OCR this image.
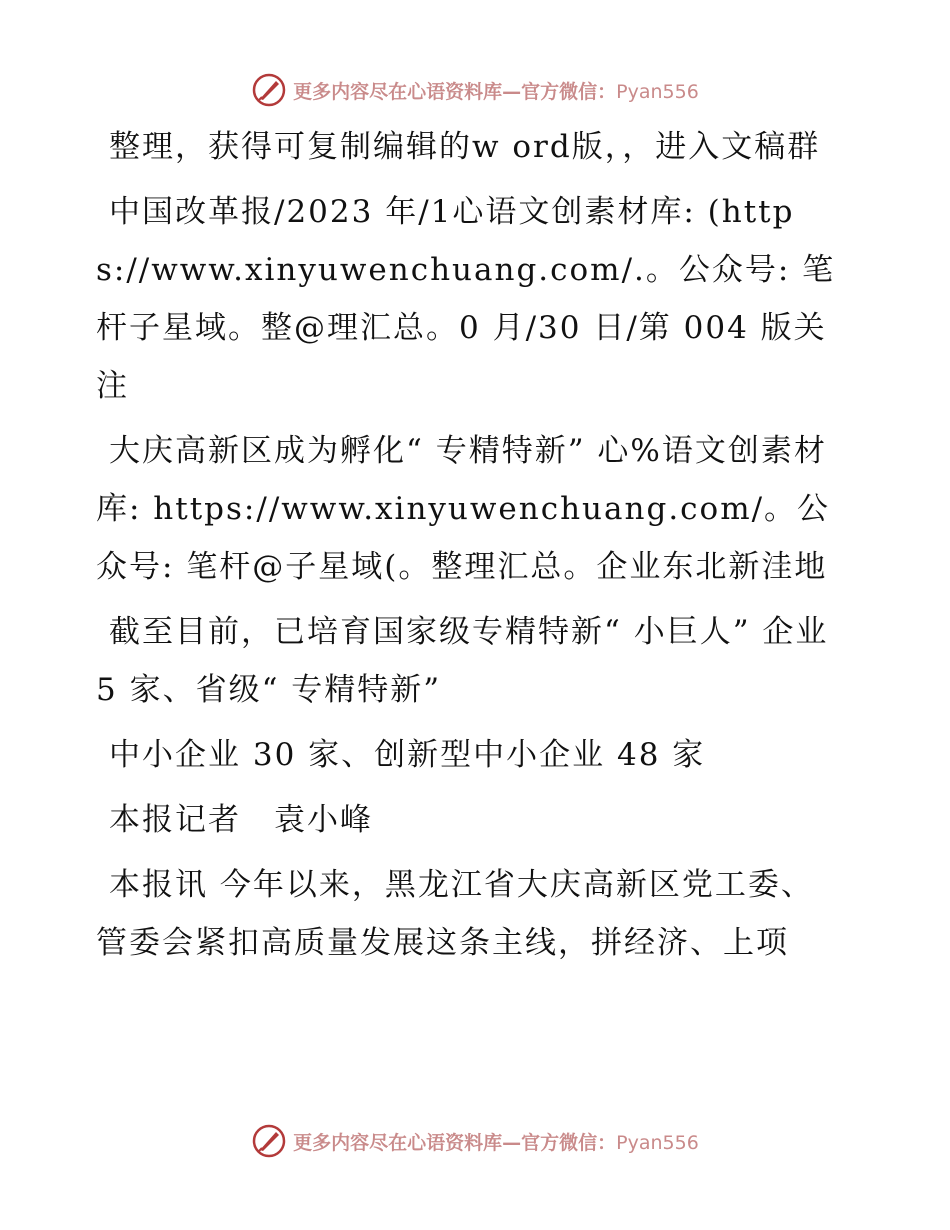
更多内容尽在心语资料库—官方微信：Pyan556

整理，获得可复制编辑的w ord版，，进入文稿群

中国改革报/2023 年/1心语文创素材库: (https://www.xinyuwenchuang.com/.。公众号: 笔杆子星域。整@理汇总。0 月/30 日/第 004 版关注

大庆高新区成为孵化“ 专精特新” 心%语文创素材库: https://www.xinyuwenchuang.com/。公众号: 笔杆@子星域(。整理汇总。企业东北新洼地

截至目前，已培育国家级专精特新“ 小巨人” 企业 5 家、省级“ 专精特新”

中小企业 30 家、创新型中小企业 48 家

本报记者　袁小峰

本报讯 今年以来，黑龙江省大庆高新区党工委、管委会紧扣高质量发展这条主线，拼经济、上项

更多内容尽在心语资料库—官方微信：Pyan556
